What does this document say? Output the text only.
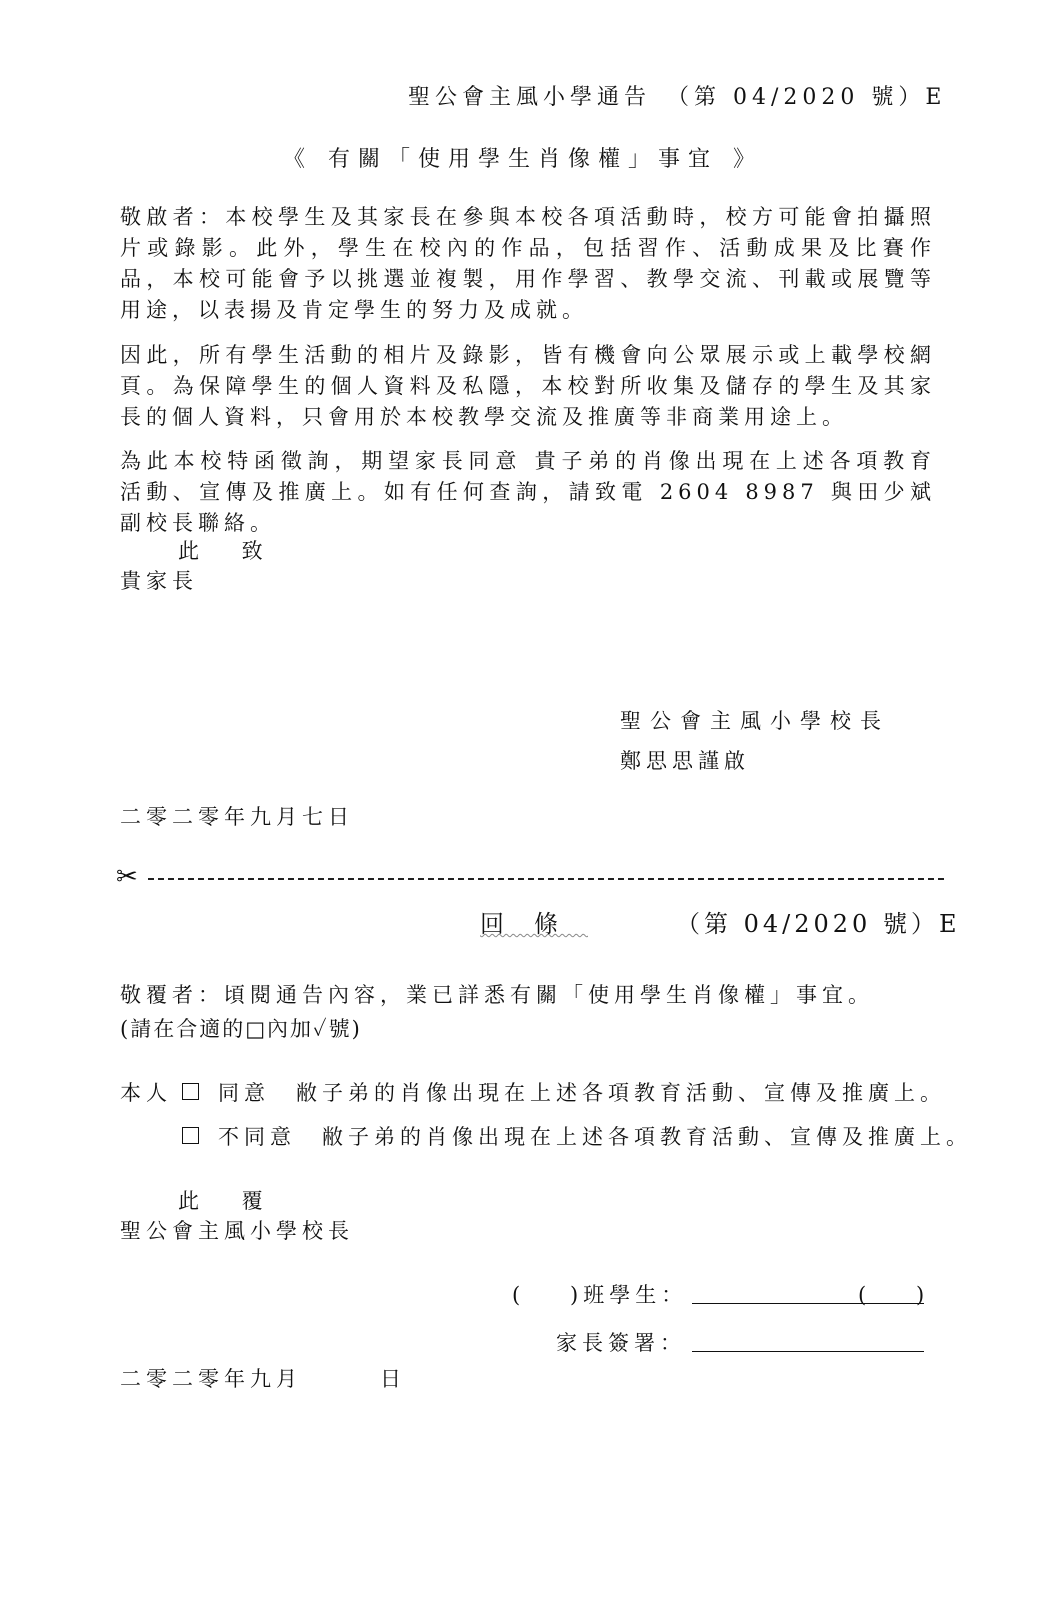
聖公會主風小學通告　（第 04/2020 號）E
《 有關「使用學生肖像權」事宜 》

敬啟者：本校學生及其家長在參與本校各項活動時，校方可能會拍攝照片或錄影。此外，學生在校內的作品，包括習作、活動成果及比賽作品，本校可能會予以挑選並複製，用作學習、教學交流、刊載或展覽等用途，以表揚及肯定學生的努力及成就。

因此，所有學生活動的相片及錄影，皆有機會向公眾展示或上載學校網頁。為保障學生的個人資料及私隱，本校對所收集及儲存的學生及其家長的個人資料，只會用於本校教學交流及推廣等非商業用途上。

為此本校特函徵詢，期望家長同意 貴子弟的肖像出現在上述各項教育活動、宣傳及推廣上。如有任何查詢，請致電 2604 8987 與田少斌副校長聯絡。

此　 致
貴家長
聖公會主風小學校長
鄭思思謹啟
二零二零年九月七日
✂
回條	（第 04/2020 號）E
敬覆者：頃閱通告內容，業已詳悉有關「使用學生肖像權」事宜。
(請在合適的□內加✓號)
本人 同意　敝子弟的肖像出現在上述各項教育活動、宣傳及推廣上。
不同意　敝子弟的肖像出現在上述各項教育活動、宣傳及推廣上。
此　 覆
聖公會主風小學校長
( )班學生：	( )
家長簽署：
二零二零年九月　　　日
